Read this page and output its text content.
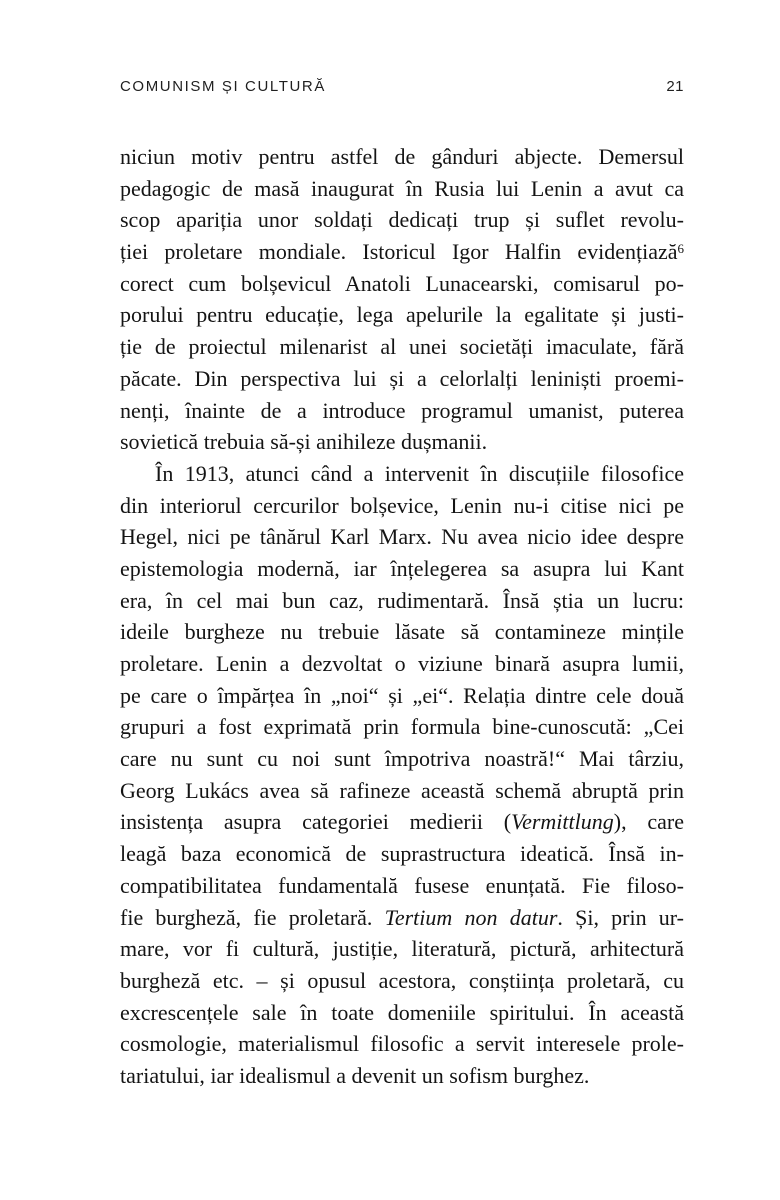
COMUNISM ȘI CULTURĂ	21
niciun motiv pentru astfel de gânduri abjecte. Demersul
pedagogic de masă inaugurat în Rusia lui Lenin a avut ca
scop apariția unor soldați dedicați trup și suflet revolu-
ției proletare mondiale. Istoricul Igor Halfin evidențiază$^6$
corect cum bolșevicul Anatoli Lunacearski, comisarul po-
porului pentru educație, lega apelurile la egalitate și justi-
ție de proiectul milenarist al unei societăți imaculate, fără
păcate. Din perspectiva lui și a celorlalți leniniști proemi-
nenți, înainte de a introduce programul umanist, puterea
sovietică trebuia să-și anihileze dușmanii.
În 1913, atunci când a intervenit în discuțiile filosofice
din interiorul cercurilor bolșevice, Lenin nu-i citise nici pe
Hegel, nici pe tânărul Karl Marx. Nu avea nicio idee despre
epistemologia modernă, iar înțelegerea sa asupra lui Kant
era, în cel mai bun caz, rudimentară. Însă știa un lucru:
ideile burgheze nu trebuie lăsate să contamineze mințile
proletare. Lenin a dezvoltat o viziune binară asupra lumii,
pe care o împărțea în „noi“ și „ei“. Relația dintre cele două
grupuri a fost exprimată prin formula bine-cunoscută: „Cei
care nu sunt cu noi sunt împotriva noastră!“ Mai târziu,
Georg Lukács avea să rafineze această schemă abruptă prin
insistența asupra categoriei medierii (Vermittlung), care
leagă baza economică de suprastructura ideatică. Însă in-
compatibilitatea fundamentală fusese enunțată. Fie filoso-
fie burgheză, fie proletară. Tertium non datur. Și, prin ur-
mare, vor fi cultură, justiție, literatură, pictură, arhitectură
burgheză etc. – și opusul acestora, conștiința proletară, cu
excrescențele sale în toate domeniile spiritului. În această
cosmologie, materialismul filosofic a servit interesele prole-
tariatului, iar idealismul a devenit un sofism burghez.
